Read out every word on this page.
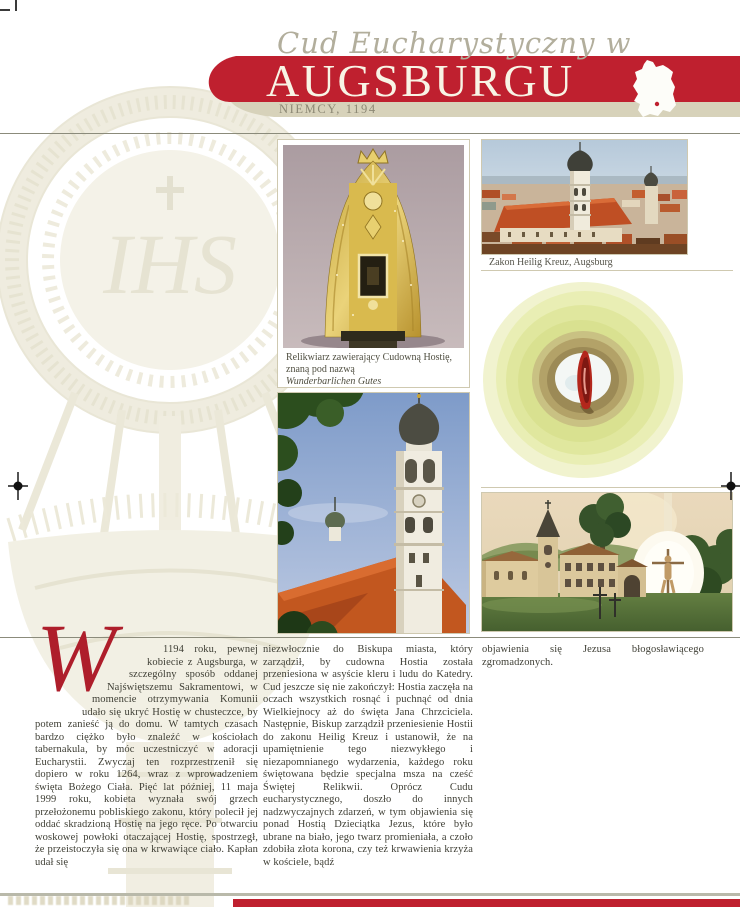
IHS
Cud Eucharystyczny w
AUGSBURGU
NIEMCY, 1194
Relikwiarz zawierający Cudowną Hostię, znaną pod nazwą
Wunderbarlichen Gutes
Zakon Heilig Kreuz, Augsburg
W	1194 roku, pewnej kobiecie z Augsburga, w szczególny sposób oddanej Najświętszemu Sakramentowi, w momencie otrzymywania Komunii udało się ukryć Hostię w chusteczce, by potem zanieść ją do domu. W tamtych czasach bardzo ciężko było znaleźć w kościołach tabernakula, by móc uczestniczyć w adoracji Eucharystii. Zwyczaj ten rozprzestrzenił się dopiero w roku 1264, wraz z wprowadzeniem święta Bożego Ciała. Pięć lat później, 11 maja 1999 roku, kobieta wyznała swój grzech przełożonemu pobliskiego zakonu, który polecił jej oddać skradzioną Hostię na jego ręce. Po otwarciu woskowej powłoki otaczającej Hostię, spostrzegł, że przeistoczyła się ona w krwawiące ciało. Kapłan udał się
niezwłocznie do Biskupa miasta, który zarządził, by cudowna Hostia została przeniesiona w asyście kleru i ludu do Katedry. Cud jeszcze się nie zakończył: Hostia zaczęła na oczach wszystkich rosnąć i puchnąć od dnia Wielkiejnocy aż do święta Jana Chrzciciela. Następnie, Biskup zarządził przeniesienie Hostii do zakonu Heilig Kreuz i ustanowił, że na upamiętnienie tego niezwykłego i niezapomnianego wydarzenia, każdego roku świętowana będzie specjalna msza na cześć Świętej Relikwii. Oprócz Cudu eucharystycznego, doszło do innych nadzwyczajnych zdarzeń, w tym objawienia się ponad Hostią Dzieciątka Jezus, które było ubrane na biało, jego twarz promieniała, a czoło zdobiła złota korona, czy też krwawienia krzyża w kościele, bądź
objawienia się Jezusa błogosławiącego zgromadzonych.
